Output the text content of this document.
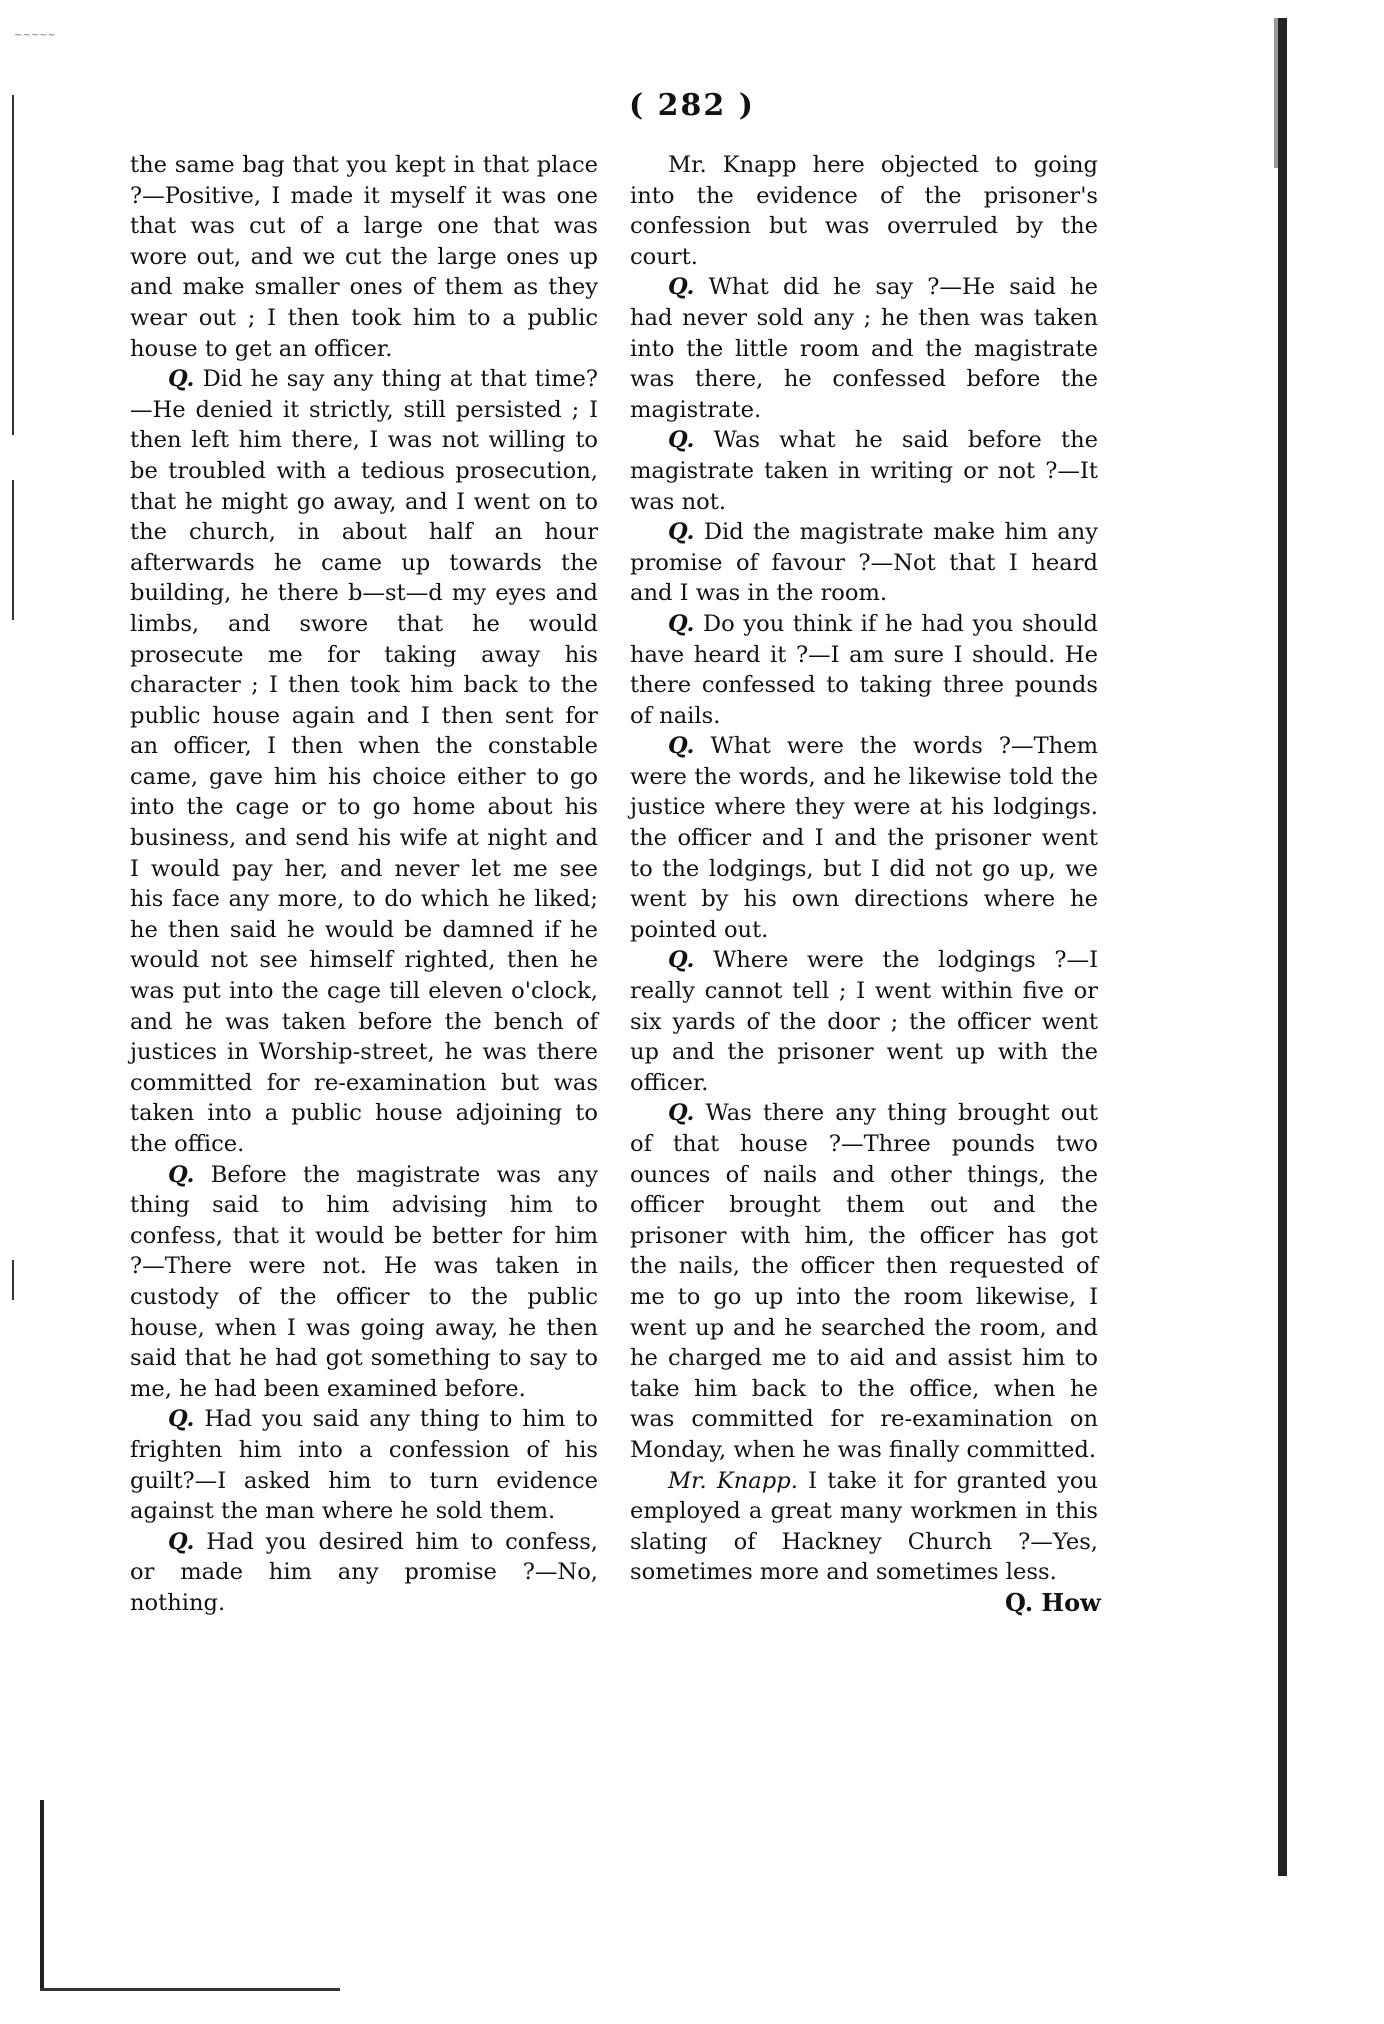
( 282 )

the same bag that you kept in that place ?—Positive, I made it myself it was one that was cut of a large one that was wore out, and we cut the large ones up and make smaller ones of them as they wear out ; I then took him to a public house to get an officer.

Q. Did he say any thing at that time?—He denied it strictly, still persisted ; I then left him there, I was not willing to be troubled with a tedious prosecution, that he might go away, and I went on to the church, in about half an hour afterwards he came up towards the building, he there b—st—d my eyes and limbs, and swore that he would prosecute me for taking away his character ; I then took him back to the public house again and I then sent for an officer, I then when the constable came, gave him his choice either to go into the cage or to go home about his business, and send his wife at night and I would pay her, and never let me see his face any more, to do which he liked; he then said he would be damned if he would not see himself righted, then he was put into the cage till eleven o'clock, and he was taken before the bench of justices in Worship-street, he was there committed for re-examination but was taken into a public house adjoining to the office.

Q. Before the magistrate was any thing said to him advising him to confess, that it would be better for him ?—There were not. He was taken in custody of the officer to the public house, when I was going away, he then said that he had got something to say to me, he had been examined before.

Q. Had you said any thing to him to frighten him into a confession of his guilt?—I asked him to turn evidence against the man where he sold them.

Q. Had you desired him to confess, or made him any promise ?—No, nothing.

Mr. Knapp here objected to going into the evidence of the prisoner's confession but was overruled by the court.

Q. What did he say ?—He said he had never sold any ; he then was taken into the little room and the magistrate was there, he confessed before the magistrate.

Q. Was what he said before the magistrate taken in writing or not ?—It was not.

Q. Did the magistrate make him any promise of favour ?—Not that I heard and I was in the room.

Q. Do you think if he had you should have heard it ?—I am sure I should. He there confessed to taking three pounds of nails.

Q. What were the words ?—Them were the words, and he likewise told the justice where they were at his lodgings. the officer and I and the prisoner went to the lodgings, but I did not go up, we went by his own directions where he pointed out.

Q. Where were the lodgings ?—I really cannot tell ; I went within five or six yards of the door ; the officer went up and the prisoner went up with the officer.

Q. Was there any thing brought out of that house ?—Three pounds two ounces of nails and other things, the officer brought them out and the prisoner with him, the officer has got the nails, the officer then requested of me to go up into the room likewise, I went up and he searched the room, and he charged me to aid and assist him to take him back to the office, when he was committed for re-examination on Monday, when he was finally committed.

Mr. Knapp. I take it for granted you employed a great many workmen in this slating of Hackney Church ?—Yes, sometimes more and sometimes less.

Q. How
~~~~~
